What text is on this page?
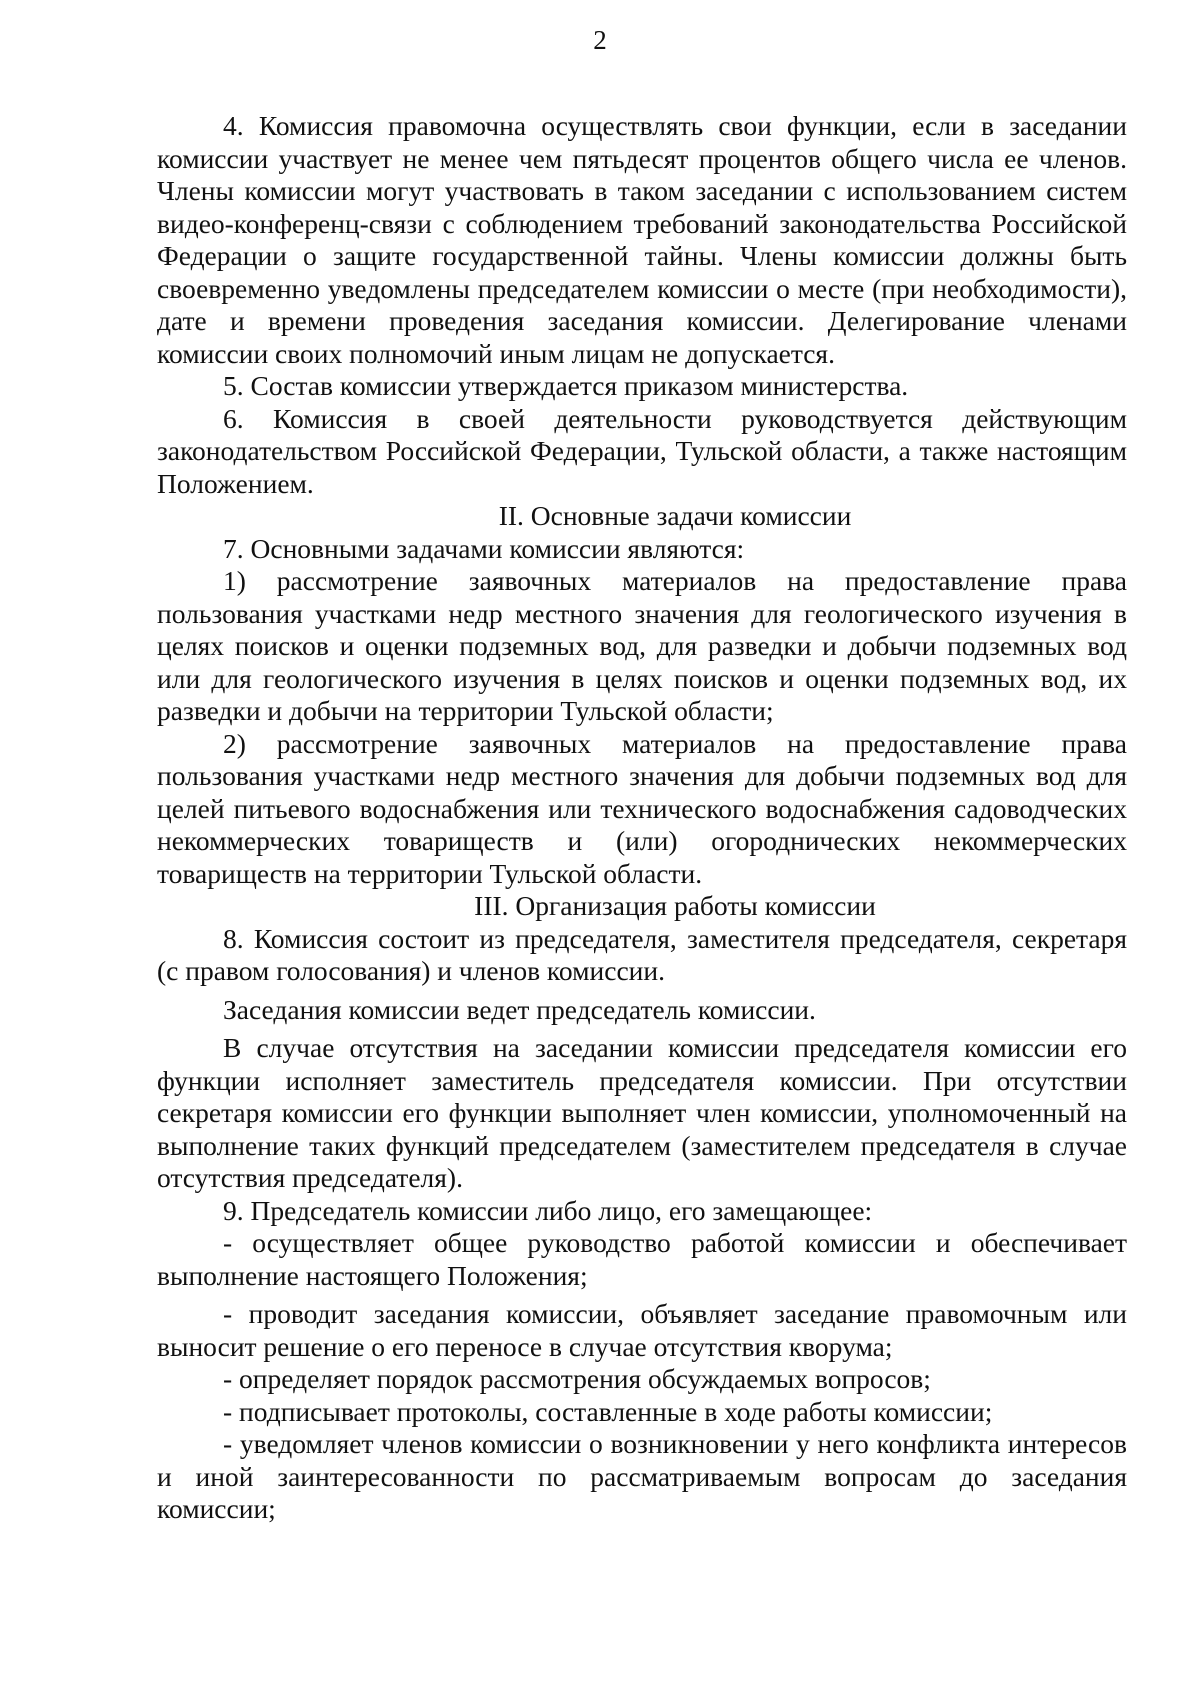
2

4. Комиссия правомочна осуществлять свои функции, если в заседании комиссии участвует не менее чем пятьдесят процентов общего числа ее членов. Члены комиссии могут участвовать в таком заседании с использованием систем видео-конференц-связи с соблюдением требований законодательства Российской Федерации о защите государственной тайны. Члены комиссии должны быть своевременно уведомлены председателем комиссии о месте (при необходимости), дате и времени проведения заседания комиссии. Делегирование членами комиссии своих полномочий иным лицам не допускается.

5. Состав комиссии утверждается приказом министерства.

6. Комиссия в своей деятельности руководствуется действующим законодательством Российской Федерации, Тульской области, а также настоящим Положением.

II. Основные задачи комиссии

7. Основными задачами комиссии являются:

1) рассмотрение заявочных материалов на предоставление права пользования участками недр местного значения для геологического изучения в целях поисков и оценки подземных вод, для разведки и добычи подземных вод или для геологического изучения в целях поисков и оценки подземных вод, их разведки и добычи на территории Тульской области;

2) рассмотрение заявочных материалов на предоставление права пользования участками недр местного значения для добычи подземных вод для целей питьевого водоснабжения или технического водоснабжения садоводческих некоммерческих товариществ и (или) огороднических некоммерческих товариществ на территории Тульской области.

III. Организация работы комиссии

8. Комиссия состоит из председателя, заместителя председателя, секретаря (с правом голосования) и членов комиссии.

Заседания комиссии ведет председатель комиссии.

В случае отсутствия на заседании комиссии председателя комиссии его функции исполняет заместитель председателя комиссии. При отсутствии секретаря комиссии его функции выполняет член комиссии, уполномоченный на выполнение таких функций председателем (заместителем председателя в случае отсутствия председателя).

9. Председатель комиссии либо лицо, его замещающее:

- осуществляет общее руководство работой комиссии и обеспечивает выполнение настоящего Положения;

- проводит заседания комиссии, объявляет заседание правомочным или выносит решение о его переносе в случае отсутствия кворума;

- определяет порядок рассмотрения обсуждаемых вопросов;

- подписывает протоколы, составленные в ходе работы комиссии;

- уведомляет членов комиссии о возникновении у него конфликта интересов и иной заинтересованности по рассматриваемым вопросам до заседания комиссии;
